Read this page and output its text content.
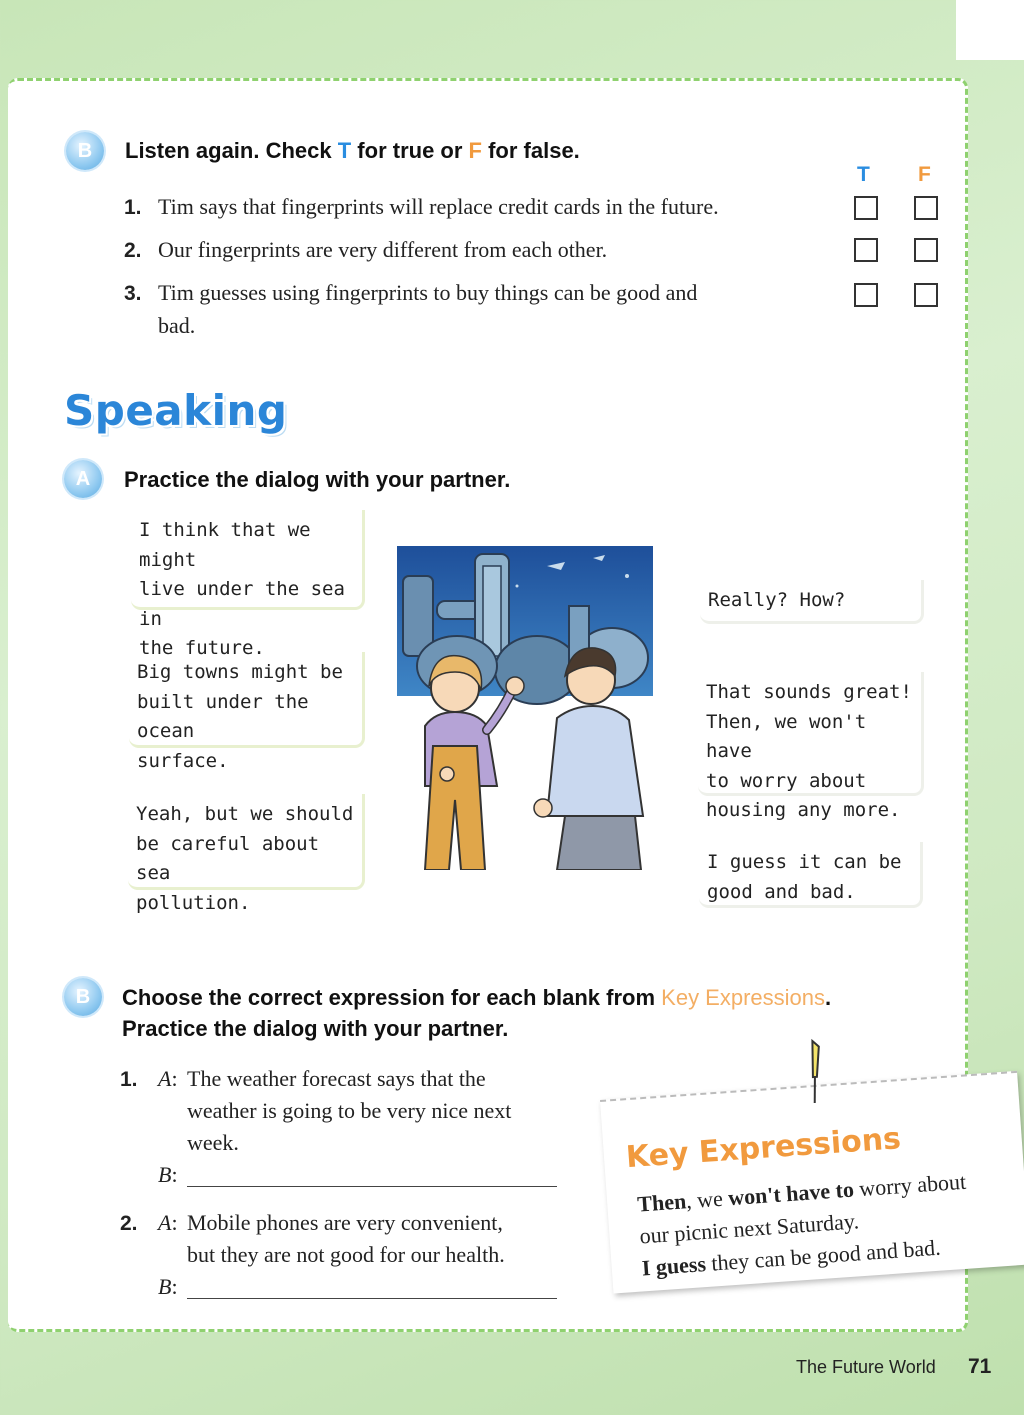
B	Listen again. Check T for true or F for false.
T F
1. Tim says that fingerprints will replace credit cards in the future.
2. Our fingerprints are very different from each other.
3. Tim guesses using fingerprints to buy things can be good and
bad.
Speaking
A	Practice the dialog with your partner.
I think that we might
live under the sea in
the future.
Big towns might be
built under the ocean
surface.
Yeah, but we should
be careful about sea
pollution.
Really? How?
That sounds great!
Then, we won't have
to worry about
housing any more.
I guess it can be
good and bad.
B	Choose the correct expression for each blank from Key Expressions.
Practice the dialog with your partner.
1. A: The weather forecast says that the
weather is going to be very nice next
week.
B:
2. A: Mobile phones are very convenient,
but they are not good for our health.
B:
Key Expressions
Then, we won't have to worry about
our picnic next Saturday.
I guess they can be good and bad.
The Future World 71
